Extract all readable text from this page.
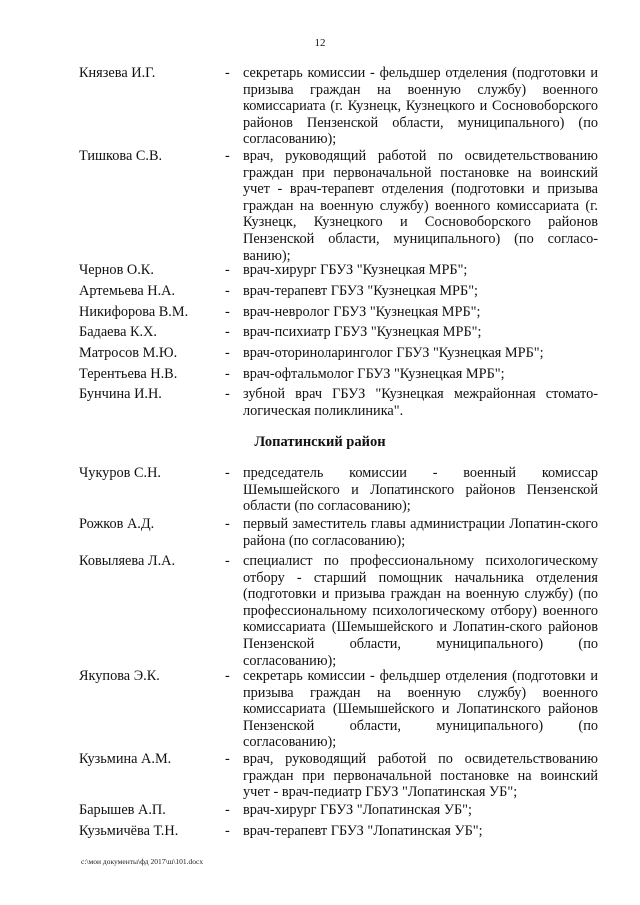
12
Князева И.Г.	- секретарь комиссии - фельдшер отделения (подготовки и призыва граждан на военную службу) военного комиссариата (г. Кузнецк, Кузнецкого и Сосновоборского районов Пензенской области, муниципального) (по согласованию);
Тишкова С.В.	- врач, руководящий работой по освидетельствованию граждан при первоначальной постановке на воинский учет - врач-терапевт отделения (подготовки и призыва граждан на военную службу) военного комиссариата (г. Кузнецк, Кузнецкого и Сосновоборского районов Пензенской области, муниципального) (по согласо-ванию);
Чернов О.К.	- врач-хирург ГБУЗ "Кузнецкая МРБ";
Артемьева Н.А.	- врач-терапевт ГБУЗ "Кузнецкая МРБ";
Никифорова В.М.	- врач-невролог ГБУЗ "Кузнецкая МРБ";
Бадаева К.Х.	- врач-психиатр ГБУЗ "Кузнецкая МРБ";
Матросов М.Ю.	- врач-оториноларинголог ГБУЗ "Кузнецкая МРБ";
Терентьева Н.В.	- врач-офтальмолог ГБУЗ "Кузнецкая МРБ";
Бунчина И.Н.	- зубной врач ГБУЗ "Кузнецкая межрайонная стомато-логическая поликлиника".
Лопатинский район
Чукуров С.Н.	- председатель комиссии - военный комиссар Шемышейского и Лопатинского районов Пензенской области (по согласованию);
Рожков А.Д.	- первый заместитель главы администрации Лопатин-ского района (по согласованию);
Ковыляева Л.А.	- специалист по профессиональному психологическому отбору - старший помощник начальника отделения (подготовки и призыва граждан на военную службу) (по профессиональному психологическому отбору) военного комиссариата (Шемышейского и Лопатин-ского районов Пензенской области, муниципального) (по согласованию);
Якупова Э.К.	- секретарь комиссии - фельдшер отделения (подготовки и призыва граждан на военную службу) военного комиссариата (Шемышейского и Лопатинского районов Пензенской области, муниципального) (по согласованию);
Кузьмина А.М.	- врач, руководящий работой по освидетельствованию граждан при первоначальной постановке на воинский учет - врач-педиатр ГБУЗ "Лопатинская УБ";
Барышев А.П.	- врач-хирург ГБУЗ "Лопатинская УБ";
Кузьмичёва Т.Н.	- врач-терапевт ГБУЗ "Лопатинская УБ";
c:\мои документы\фд 2017\ш\101.docx
